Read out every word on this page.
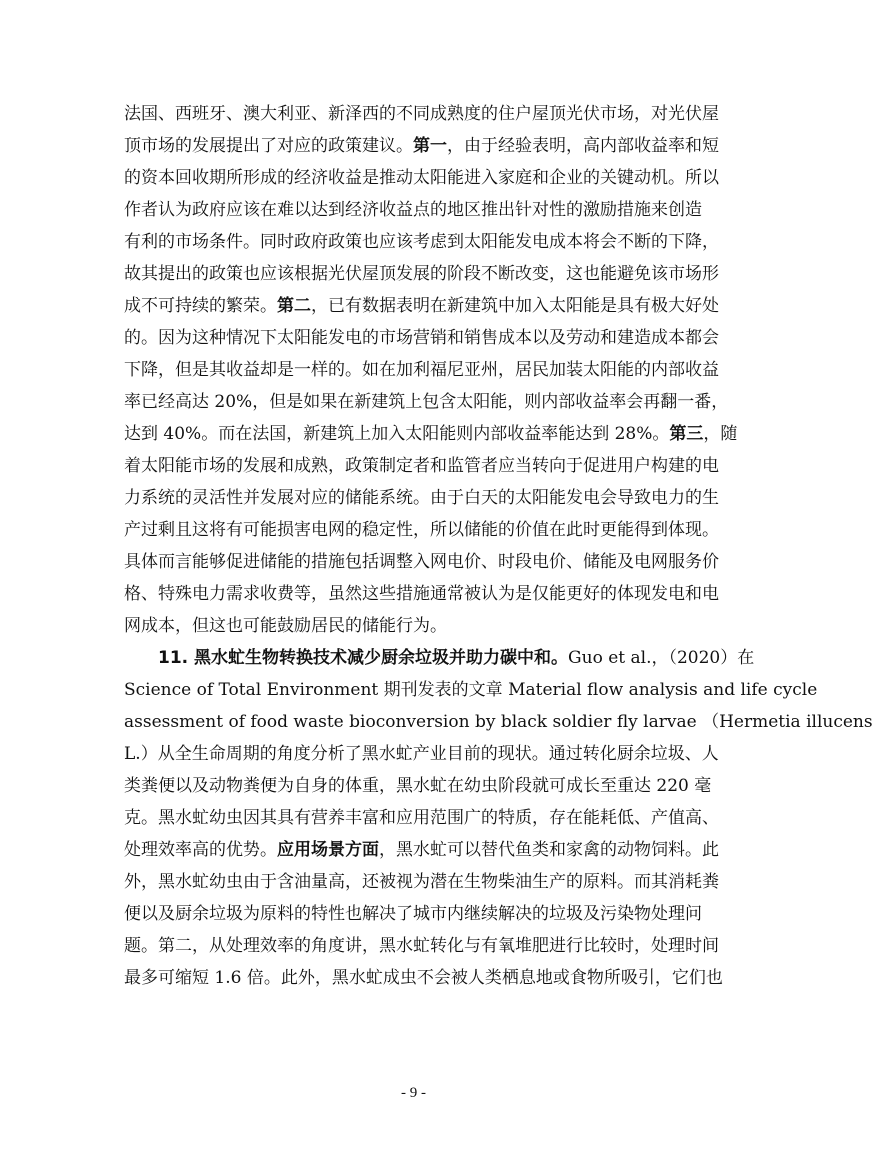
法国、西班牙、澳大利亚、新泽西的不同成熟度的住户屋顶光伏市场，对光伏屋
顶市场的发展提出了对应的政策建议。第一，由于经验表明，高内部收益率和短
的资本回收期所形成的经济收益是推动太阳能进入家庭和企业的关键动机。所以
作者认为政府应该在难以达到经济收益点的地区推出针对性的激励措施来创造
有利的市场条件。同时政府政策也应该考虑到太阳能发电成本将会不断的下降，
故其提出的政策也应该根据光伏屋顶发展的阶段不断改变，这也能避免该市场形
成不可持续的繁荣。第二，已有数据表明在新建筑中加入太阳能是具有极大好处
的。因为这种情况下太阳能发电的市场营销和销售成本以及劳动和建造成本都会
下降，但是其收益却是一样的。如在加利福尼亚州，居民加装太阳能的内部收益
率已经高达 20%，但是如果在新建筑上包含太阳能，则内部收益率会再翻一番，
达到 40%。而在法国，新建筑上加入太阳能则内部收益率能达到 28%。第三，随
着太阳能市场的发展和成熟，政策制定者和监管者应当转向于促进用户构建的电
力系统的灵活性并发展对应的储能系统。由于白天的太阳能发电会导致电力的生
产过剩且这将有可能损害电网的稳定性，所以储能的价值在此时更能得到体现。
具体而言能够促进储能的措施包括调整入网电价、时段电价、储能及电网服务价
格、特殊电力需求收费等，虽然这些措施通常被认为是仅能更好的体现发电和电
网成本，但这也可能鼓励居民的储能行为。
11. 黑水虻生物转换技术减少厨余垃圾并助力碳中和。Guo et al.，（2020）在
Science of Total Environment 期刊发表的文章 Material flow analysis and life cycle
assessment of food waste bioconversion by black soldier fly larvae （Hermetia illucens
L.）从全生命周期的角度分析了黑水虻产业目前的现状。通过转化厨余垃圾、人
类粪便以及动物粪便为自身的体重，黑水虻在幼虫阶段就可成长至重达 220 毫
克。黑水虻幼虫因其具有营养丰富和应用范围广的特质，存在能耗低、产值高、
处理效率高的优势。应用场景方面，黑水虻可以替代鱼类和家禽的动物饲料。此
外，黑水虻幼虫由于含油量高，还被视为潜在生物柴油生产的原料。而其消耗粪
便以及厨余垃圾为原料的特性也解决了城市内继续解决的垃圾及污染物处理问
题。第二，从处理效率的角度讲，黑水虻转化与有氧堆肥进行比较时，处理时间
最多可缩短 1.6 倍。此外，黑水虻成虫不会被人类栖息地或食物所吸引，它们也
- 9 -
